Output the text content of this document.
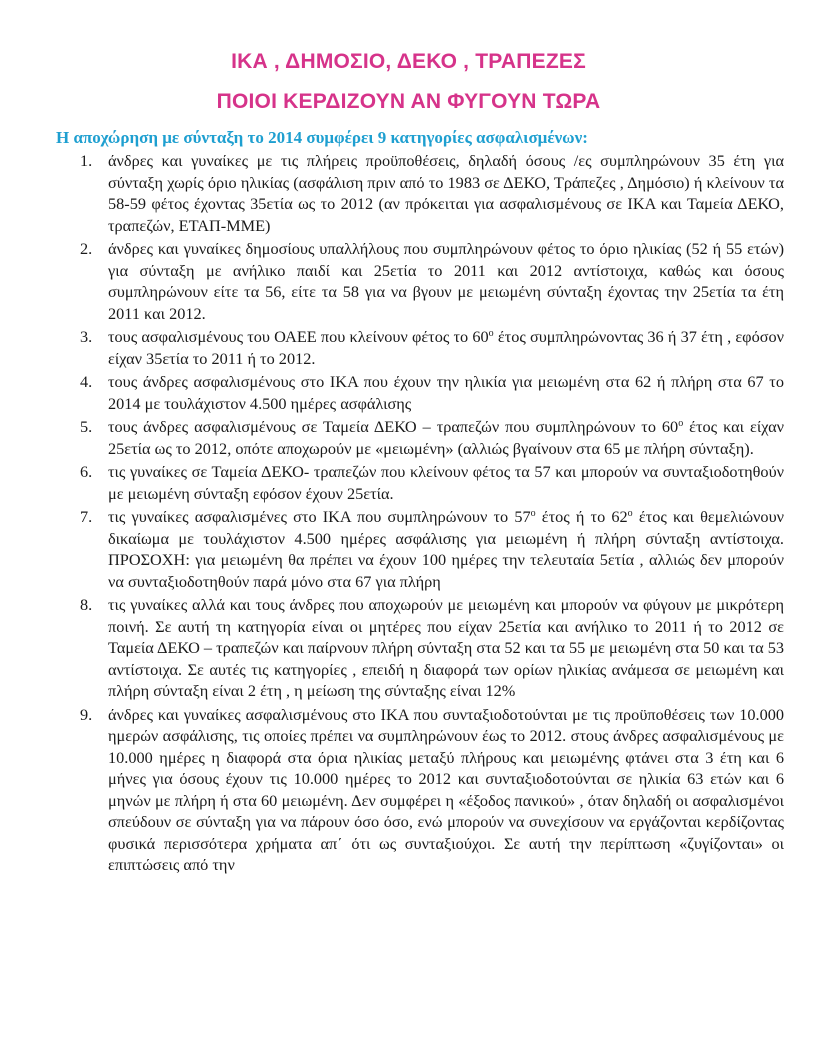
ΙΚΑ , ΔΗΜΟΣΙΟ, ΔΕΚΟ , ΤΡΑΠΕΖΕΣ
ΠΟΙΟΙ ΚΕΡΔΙΖΟΥΝ ΑΝ ΦΥΓΟΥΝ ΤΩΡΑ
Η αποχώρηση με σύνταξη το 2014 συμφέρει 9 κατηγορίες ασφαλισμένων:
1. άνδρες και γυναίκες με τις πλήρεις προϋποθέσεις, δηλαδή όσους /ες συμπληρώνουν 35 έτη για σύνταξη χωρίς όριο ηλικίας (ασφάλιση πριν από το 1983 σε ΔΕΚΟ, Τράπεζες , Δημόσιο) ή κλείνουν τα 58-59 φέτος έχοντας 35ετία ως το 2012 (αν πρόκειται για ασφαλισμένους σε ΙΚΑ και Ταμεία ΔΕΚΟ, τραπεζών, ΕΤΑΠ-ΜΜΕ)
2. άνδρες και γυναίκες δημοσίους υπαλλήλους που συμπληρώνουν φέτος το όριο ηλικίας (52 ή 55 ετών) για σύνταξη με ανήλικο παιδί και 25ετία το 2011 και 2012 αντίστοιχα, καθώς και όσους συμπληρώνουν είτε τα 56, είτε τα 58 για να βγουν με μειωμένη σύνταξη έχοντας την 25ετία τα έτη 2011 και 2012.
3. τους ασφαλισμένους του ΟΑΕΕ που κλείνουν φέτος το $60^o$ έτος συμπληρώνοντας 36 ή 37 έτη , εφόσον είχαν 35ετία το 2011 ή το 2012.
4. τους άνδρες ασφαλισμένους στο ΙΚΑ που έχουν την ηλικία για μειωμένη στα 62 ή πλήρη στα 67 το 2014 με τουλάχιστον 4.500 ημέρες ασφάλισης
5. τους άνδρες ασφαλισμένους σε Ταμεία ΔΕΚΟ – τραπεζών που συμπληρώνουν το $60^o$ έτος και είχαν 25ετία ως το 2012, οπότε αποχωρούν με «μειωμένη» (αλλιώς βγαίνουν στα 65 με πλήρη σύνταξη).
6. τις γυναίκες σε Ταμεία ΔΕΚΟ- τραπεζών που κλείνουν φέτος τα 57 και μπορούν να συνταξιοδοτηθούν με μειωμένη σύνταξη εφόσον έχουν 25ετία.
7. τις γυναίκες ασφαλισμένες στο ΙΚΑ που συμπληρώνουν το $57^o$ έτος ή το $62^o$ έτος και θεμελιώνουν δικαίωμα με τουλάχιστον 4.500 ημέρες ασφάλισης για μειωμένη ή πλήρη σύνταξη αντίστοιχα. ΠΡΟΣΟΧΗ: για μειωμένη θα πρέπει να έχουν 100 ημέρες την τελευταία 5ετία , αλλιώς δεν μπορούν να συνταξιοδοτηθούν παρά μόνο στα 67 για πλήρη
8. τις γυναίκες αλλά και τους άνδρες που αποχωρούν με μειωμένη και μπορούν να φύγουν με μικρότερη ποινή. Σε αυτή τη κατηγορία είναι οι μητέρες που είχαν 25ετία και ανήλικο το 2011 ή το 2012 σε Ταμεία ΔΕΚΟ – τραπεζών και παίρνουν πλήρη σύνταξη στα 52 και τα 55 με μειωμένη στα 50 και τα 53 αντίστοιχα. Σε αυτές τις κατηγορίες , επειδή η διαφορά των ορίων ηλικίας ανάμεσα σε μειωμένη και πλήρη σύνταξη είναι 2 έτη , η μείωση της σύνταξης είναι 12%
9. άνδρες και γυναίκες ασφαλισμένους στο ΙΚΑ που συνταξιοδοτούνται με τις προϋποθέσεις των 10.000 ημερών ασφάλισης, τις οποίες πρέπει να συμπληρώνουν έως το 2012. στους άνδρες ασφαλισμένους με 10.000 ημέρες η διαφορά στα όρια ηλικίας μεταξύ πλήρους και μειωμένης φτάνει στα 3 έτη και 6 μήνες για όσους έχουν τις 10.000 ημέρες το 2012 και συνταξιοδοτούνται σε ηλικία 63 ετών και 6 μηνών με πλήρη ή στα 60 μειωμένη. Δεν συμφέρει η «έξοδος πανικού» , όταν δηλαδή οι ασφαλισμένοι σπεύδουν σε σύνταξη για να πάρουν όσο όσο, ενώ μπορούν να συνεχίσουν να εργάζονται κερδίζοντας φυσικά περισσότερα χρήματα απ΄ ότι ως συνταξιούχοι. Σε αυτή την περίπτωση «ζυγίζονται» οι επιπτώσεις από την
